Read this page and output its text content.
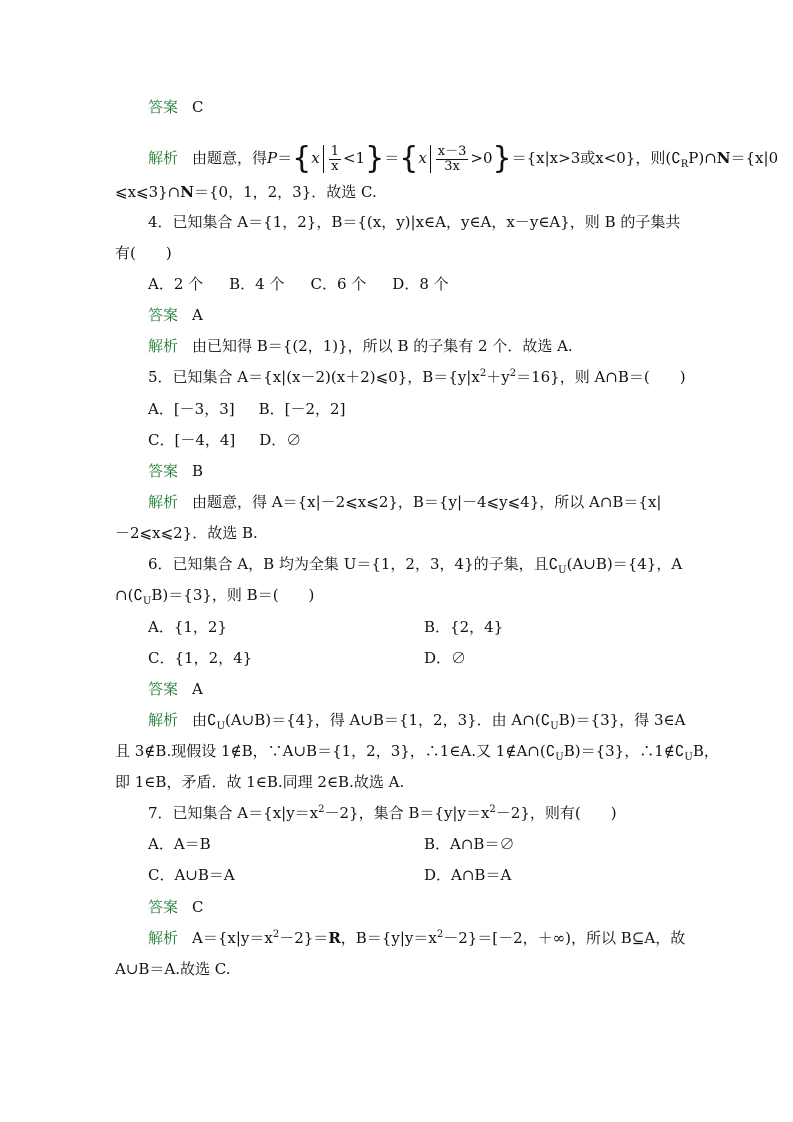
答案 C
解析 由题意，得$P=\{x \frac{1}{x} <1\}=\{x \frac{x-3}{3x} >0\}=\{x|x>3$或x<0}，则$(∁_RP)\cap N=\{x|0$
⩽x⩽3}∩N＝{0，1，2，3}．故选 C.
4．已知集合 A＝{1，2}，B＝{(x，y)|x∈A，y∈A，x－y∈A}，则 B 的子集共
有(　　)
A．2 个 B．4 个 C．6 个 D．8 个
答案 A
解析 由已知得 B＝{(2，1)}，所以 B 的子集有 2 个．故选 A.
5．已知集合 A＝{x|(x－2)(x＋2)⩽0}，$B=\{y|x^2+y^2=16\}$，则 A∩B＝(　　)
A．[－3，3] B．[－2，2]
C．[－4，4] D．∅
答案 B
解析 由题意，得 A＝{x|－2⩽x⩽2}，B＝{y|－4⩽y⩽4}，所以 A∩B＝{x|
－2⩽x⩽2}．故选 B.
6．已知集合 A，B 均为全集 U＝{1，2，3，4}的子集，且$∁_U(A\cup B)=\{4\}$，A
$\cap(∁_UB)=\{3\}$，则 B＝(　　)
A．{1，2}	B．{2，4}
C．{1，2，4}	D．∅
答案 A
解析 由$∁_U(A\cup B)=\{4\}$，得 A∪B＝{1，2，3}．由 $A\cap(∁_UB)=\{3\}$，得 3∈A
且 3∉B.现假设 1∉B，∵A∪B＝{1，2，3}，∴1∈A.又 $1\notin A\cap(∁_UB)=\{3\}$，$\therefore 1\notin∁_UB$，
即 1∈B，矛盾．故 1∈B.同理 2∈B.故选 A.
7．已知集合 $A=\{x|y=x^2-2\}$，集合 $B=\{y|y=x^2-2\}$，则有(　　)
A．A＝B	B．A∩B＝∅
C．A∪B＝A	D．A∩B＝A
答案 C
解析 $A=\{x|y=x^2-2\}=R$，$B=\{y|y=x^2-2\}=[-2$，＋∞)，所以 B⊆A，故
A∪B＝A.故选 C.
